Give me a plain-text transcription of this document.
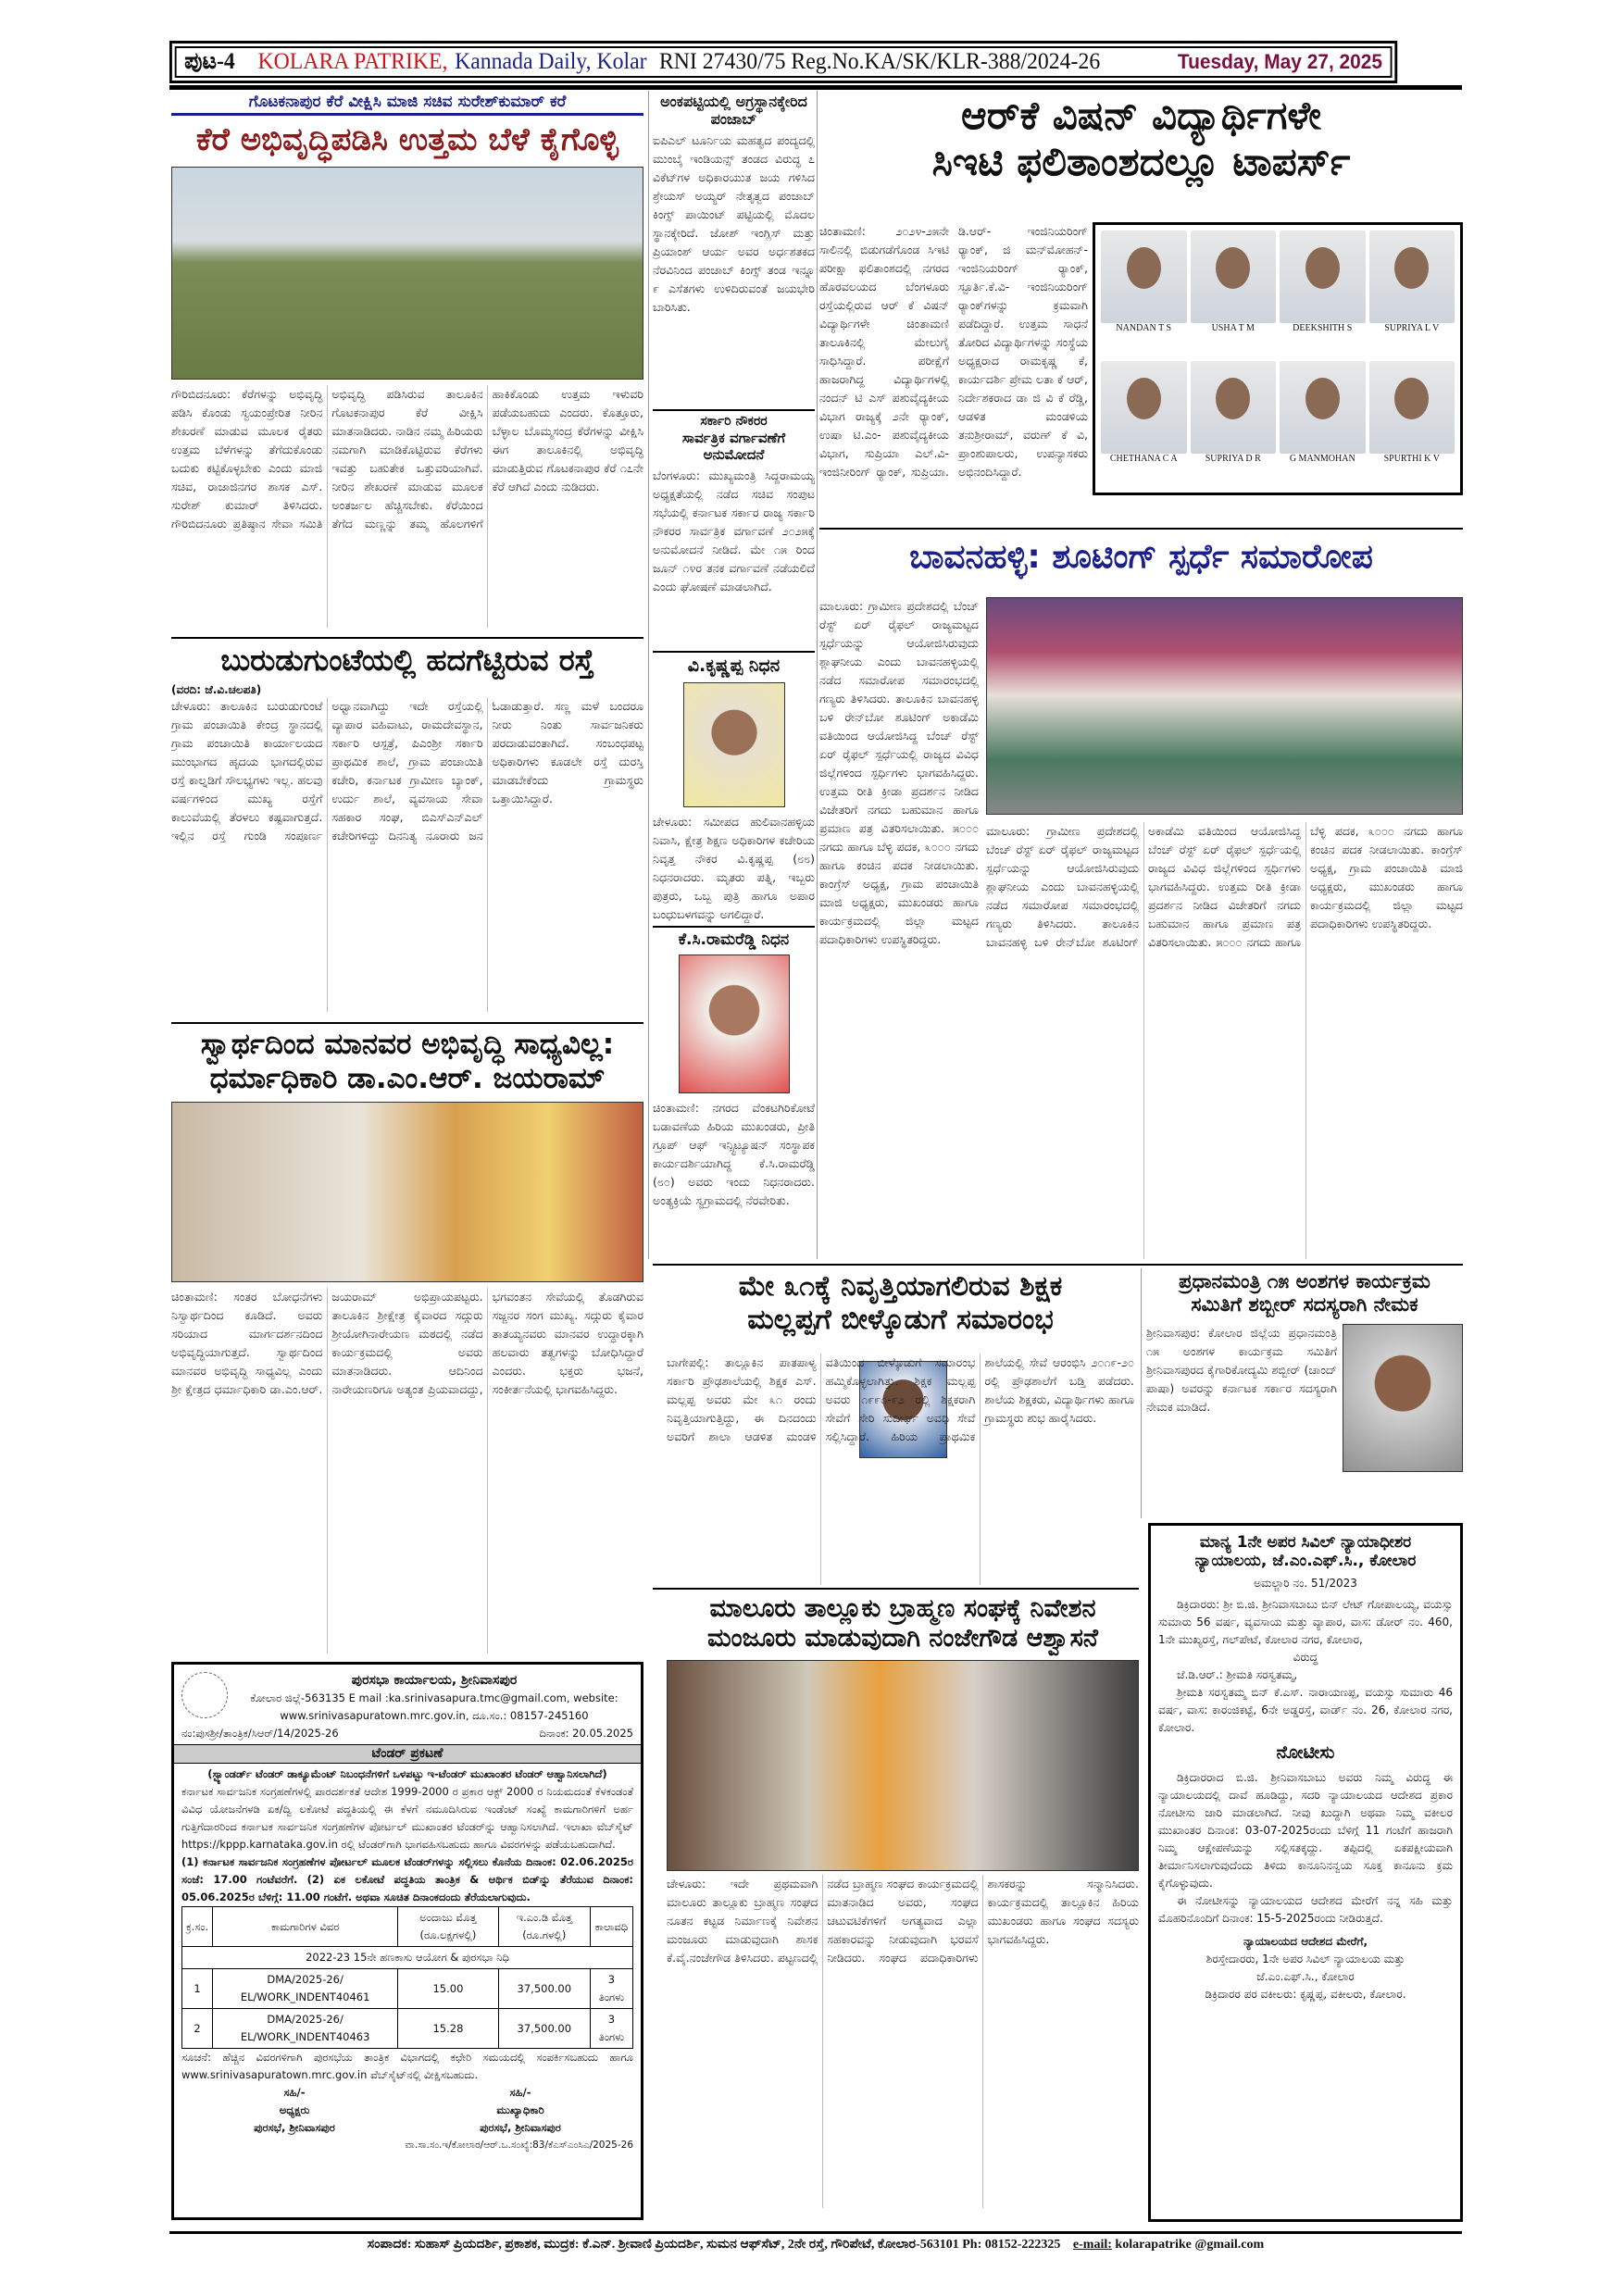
ಪುಟ-4 KOLARA PATRIKE, Kannada Daily, Kolar RNI 27430/75 Reg.No.KA/SK/KLR-388/2024-26	Tuesday, May 27, 2025
ಗೊಟಕನಾಪುರ ಕೆರೆ ವೀಕ್ಷಿಸಿ ಮಾಜಿ ಸಚಿವ ಸುರೇಶ್‌ಕುಮಾರ್ ಕರೆ
ಕೆರೆ ಅಭಿವೃದ್ಧಿಪಡಿಸಿ ಉತ್ತಮ ಬೆಳೆ ಕೈಗೊಳ್ಳಿ
ಗೌರಿಬಿದನೂರು: ಕೆರೆಗಳನ್ನು ಅಭಿವೃದ್ಧಿ ಪಡಿಸಿ ಕೊಂಡು ಸ್ವಯಂಪ್ರೇರಿತ ನೀರಿನ ಶೇಖರಣೆ ಮಾಡುವ ಮೂಲಕ ರೈತರು ಉತ್ತಮ ಬೆಳೆಗಳನ್ನು ತೆಗೆದುಕೊಂಡು ಬದುಕು ಕಟ್ಟಿಕೊಳ್ಳಬೇಕು ಎಂದು ಮಾಜಿ ಸಚಿವ, ರಾಜಾಜಿನಗರ ಶಾಸಕ ಎಸ್. ಸುರೇಶ್ ಕುಮಾರ್ ತಿಳಿಸಿದರು. ಗೌರಿಬಿದನೂರು ಪ್ರತಿಷ್ಠಾನ ಸೇವಾ ಸಮಿತಿ ಅಭಿವೃದ್ಧಿ ಪಡಿಸಿರುವ ತಾಲೂಕಿನ ಗೊಟಕನಾಪುರ ಕೆರೆ ವೀಕ್ಷಿಸಿ ಮಾತನಾಡಿದರು. ನಾಡಿನ ನಮ್ಮ ಹಿರಿಯರು ನಮಗಾಗಿ ಮಾಡಿಕೊಟ್ಟಿರುವ ಕೆರೆಗಳು ಇವತ್ತು ಬಹುತೇಕ ಒತ್ತುವರಿಯಾಗಿವೆ. ನೀರಿನ ಶೇಖರಣೆ ಮಾಡುವ ಮೂಲಕ ಅಂತರ್ಜಲ ಹೆಚ್ಚಿಸಬೇಕು. ಕೆರೆಯಿಂದ ತೆಗೆದ ಮಣ್ಣನ್ನು ತಮ್ಮ ಹೊಲಗಳಿಗೆ ಹಾಕಿಕೊಂಡು ಉತ್ತಮ ಇಳುವರಿ ಪಡೆಯಬಹುದು ಎಂದರು. ಕೊತ್ತೂರು, ಬೆಳ್ಳಾಲ ಬೊಮ್ಮಸಂದ್ರ ಕೆರೆಗಳನ್ನು ವೀಕ್ಷಿಸಿ ಈಗ ತಾಲೂಕಿನಲ್ಲಿ ಅಭಿವೃದ್ಧಿ ಮಾಡುತ್ತಿರುವ ಗೊಟಕನಾಪುರ ಕೆರೆ ೧೭ನೇ ಕೆರೆ ಆಗಿದೆ ಎಂದು ನುಡಿದರು.
ಬುರುಡುಗುಂಟೆಯಲ್ಲಿ ಹದಗೆಟ್ಟಿರುವ ರಸ್ತೆ
(ವರದಿ: ಜೆ.ವಿ.ಚಲಪತಿ)
ಚೇಳೂರು: ತಾಲೂಕಿನ ಬುರುಡುಗುಂಟೆ ಗ್ರಾಮ ಪಂಚಾಯಿತಿ ಕೇಂದ್ರ ಸ್ಥಾನದಲ್ಲಿ ಗ್ರಾಮ ಪಂಚಾಯಿತಿ ಕಾರ್ಯಾಲಯದ ಮುಂಭಾಗದ ಹೃದಯ ಭಾಗದಲ್ಲಿರುವ ರಸ್ತೆ ಕಾಲ್ನಡಿಗೆ ಸೌಲಭ್ಯಗಳು ಇಲ್ಲ. ಹಲವು ವರ್ಷಗಳಿಂದ ಮುಖ್ಯ ರಸ್ತೆಗೆ ಕಾಲುವೆಯಲ್ಲಿ ತೆರಳಲು ಕಷ್ಟವಾಗುತ್ತದೆ. ಇಲ್ಲಿನ ರಸ್ತೆ ಗುಂಡಿ ಸಂಪೂರ್ಣ ಅಧ್ವಾನವಾಗಿದ್ದು ಇದೇ ರಸ್ತೆಯಲ್ಲಿ ವ್ಯಾಪಾರ ವಹಿವಾಟು, ರಾಮದೇವಸ್ಥಾನ, ಸರ್ಕಾರಿ ಆಸ್ಪತ್ರೆ, ಪಿಎಂಶ್ರೀ ಸರ್ಕಾರಿ ಪ್ರಾಥಮಿಕ ಶಾಲೆ, ಗ್ರಾಮ ಪಂಚಾಯಿತಿ ಕಚೇರಿ, ಕರ್ನಾಟಕ ಗ್ರಾಮೀಣ ಬ್ಯಾಂಕ್, ಉರ್ದು ಶಾಲೆ, ವ್ಯವಸಾಯ ಸೇವಾ ಸಹಕಾರ ಸಂಘ, ಬಿಎಸ್ಎನ್ಎಲ್ ಕಚೇರಿಗಳಿದ್ದು ದಿನನಿತ್ಯ ನೂರಾರು ಜನ ಓಡಾಡುತ್ತಾರೆ. ಸಣ್ಣ ಮಳೆ ಬಂದರೂ ನೀರು ನಿಂತು ಸಾರ್ವಜನಿಕರು ಪರದಾಡುವಂತಾಗಿದೆ. ಸಂಬಂಧಪಟ್ಟ ಅಧಿಕಾರಿಗಳು ಕೂಡಲೇ ರಸ್ತೆ ದುರಸ್ತಿ ಮಾಡಬೇಕೆಂದು ಗ್ರಾಮಸ್ಥರು ಒತ್ತಾಯಿಸಿದ್ದಾರೆ.
ಸ್ವಾರ್ಥದಿಂದ ಮಾನವರ ಅಭಿವೃದ್ಧಿ ಸಾಧ್ಯವಿಲ್ಲ:
ಧರ್ಮಾಧಿಕಾರಿ ಡಾ.ಎಂ.ಆರ್. ಜಯರಾಮ್
ಚಿಂತಾಮಣಿ: ಸಂತರ ಬೋಧನೆಗಳು ನಿಸ್ವಾರ್ಥದಿಂದ ಕೂಡಿದೆ. ಅವರು ಸರಿಯಾದ ಮಾರ್ಗದರ್ಶನದಿಂದ ಅಭಿವೃದ್ಧಿಯಾಗುತ್ತದೆ. ಸ್ವಾರ್ಥದಿಂದ ಮಾನವರ ಅಭಿವೃದ್ಧಿ ಸಾಧ್ಯವಿಲ್ಲ ಎಂದು ಶ್ರೀ ಕ್ಷೇತ್ರದ ಧರ್ಮಾಧಿಕಾರಿ ಡಾ.ಎಂ.ಆರ್. ಜಯರಾಮ್ ಅಭಿಪ್ರಾಯಪಟ್ಟರು. ತಾಲೂಕಿನ ಶ್ರೀಕ್ಷೇತ್ರ ಕೈವಾರದ ಸದ್ಗುರು ಶ್ರೀಯೋಗಿನಾರೇಯಣ ಮಠದಲ್ಲಿ ನಡೆದ ಕಾರ್ಯಕ್ರಮದಲ್ಲಿ ಅವರು ಮಾತನಾಡಿದರು. ಆದಿನಿಂದ ನಾರೇಯಣರಿಗೂ ಅತ್ಯಂತ ಪ್ರಿಯವಾದದ್ದು, ಭಗವಂತನ ಸೇವೆಯಲ್ಲಿ ತೊಡಗಿರುವ ಸಜ್ಜನರ ಸಂಗ ಮುಖ್ಯ. ಸದ್ಗುರು ಕೈವಾರ ತಾತಯ್ಯನವರು ಮಾನವರ ಉದ್ಧಾರಕ್ಕಾಗಿ ಹಲವಾರು ತತ್ವಗಳನ್ನು ಬೋಧಿಸಿದ್ದಾರೆ ಎಂದರು. ಭಕ್ತರು ಭಜನೆ, ಸಂಕೀರ್ತನೆಯಲ್ಲಿ ಭಾಗವಹಿಸಿದ್ದರು.
ಪುರಸಭಾ ಕಾರ್ಯಾಲಯ, ಶ್ರೀನಿವಾಸಪುರ
ಕೋಲಾರ ಜಿಲ್ಲೆ-563135 E mail :ka.srinivasapura.tmc@gmail.com, website:
www.srinivasapuratown.mrc.gov.in, ದೂ.ಸಂ.: 08157-245160
ನಂ:ಪುಸಶ್ರೀ/ತಾಂತ್ರಿಕ/ಸಿಆರ್/14/2025-26	ದಿನಾಂಕ: 20.05.2025
ಟೆಂಡರ್ ಪ್ರಕಟಣೆ
(ಸ್ಟ್ಯಾಂಡರ್ಡ್ ಟೆಂಡರ್ ಡಾಕ್ಯೂಮೆಂಟ್ ನಿಬಂಧನೆಗಳಿಗೆ ಒಳಪಟ್ಟು ಇ-ಟೆಂಡರ್ ಮುಖಾಂತರ ಟೆಂಡರ್ ಆಹ್ವಾನಿಸಲಾಗಿದೆ)
ಕರ್ನಾಟಕ ಸಾರ್ವಜನಿಕ ಸಂಗ್ರಹಣೆಗಳಲ್ಲಿ ಪಾರದರ್ಶಕತೆ ಆದೇಶ 1999-2000 ರ ಪ್ರಕಾರ ಆಕ್ಟ್ 2000 ರ ನಿಯಮದಂತೆ ಕೆಳಕಂಡಂತೆ ವಿವಿಧ ಯೋಜನೆಗಳಡಿ ಏಕ/ದ್ವಿ ಲಕೋಟೆ ಪದ್ಧತಿಯಲ್ಲಿ ಈ ಕೆಳಗೆ ನಮೂದಿಸಿರುವ ಇಂಡೆಂಟ್ ಸಂಖ್ಯೆ ಕಾಮಗಾರಿಗಳಿಗೆ ಅರ್ಹ ಗುತ್ತಿಗೆದಾರರಿಂದ ಕರ್ನಾಟಕ ಸಾರ್ವಜನಿಕ ಸಂಗ್ರಹಣೆಗಳ ಪೋರ್ಟಲ್ ಮುಖಾಂತರ ಟೆಂಡರ್‌ನ್ನು ಆಹ್ವಾನಿಸಲಾಗಿದೆ. ಇಲಾಖಾ ವೆಬ್‌ಸೈಟ್ https://kppp.karnataka.gov.in ರಲ್ಲಿ ಟೆಂಡರ್‌ಗಾಗಿ ಭಾಗವಹಿಸಬಹುದು ಹಾಗೂ ವಿವರಗಳನ್ನು ಪಡೆಯಬಹುದಾಗಿದೆ.
(1) ಕರ್ನಾಟಕ ಸಾರ್ವಜನಿಕ ಸಂಗ್ರಹಣೆಗಳ ಪೋರ್ಟಲ್ ಮೂಲಕ ಟೆಂಡರ್‌ಗಳನ್ನು ಸಲ್ಲಿಸಲು ಕೊನೆಯ ದಿನಾಂಕ: 02.06.2025ರ ಸಂಜೆ: 17.00 ಗಂಟೆವರೆಗೆ. (2) ಏಕ ಲಕೋಟೆ ಪದ್ಧತಿಯ ತಾಂತ್ರಿಕ & ಆರ್ಥಿಕ ಬಿಡ್‌ನ್ನು ತೆರೆಯುವ ದಿನಾಂಕ: 05.06.2025ರ ಬೆಳಿಗ್ಗೆ: 11.00 ಗಂಟೆಗೆ. ಅಥವಾ ಸೂಚಿತ ದಿನಾಂಕದಂದು ತೆರೆಯಲಾಗುವುದು.
ಕ್ರ.ಸಂ.	ಕಾಮಗಾರಿಗಳ ವಿವರ	ಅಂದಾಜು ಮೊತ್ತ (ರೂ.ಲಕ್ಷಗಳಲ್ಲಿ)	ಇ.ಎಂ.ಡಿ ಮೊತ್ತ (ರೂ.ಗಳಲ್ಲಿ)	ಕಾಲಾವಧಿ
2022-23 15ನೇ ಹಣಕಾಸು ಆಯೋಗ & ಪುರಸಭಾ ನಿಧಿ				
1	DMA/2025-26/ EL/WORK_INDENT40461	15.00	37,500.00	3 ತಿಂಗಳು
2	DMA/2025-26/ EL/WORK_INDENT40463	15.28	37,500.00	3 ತಿಂಗಳು
ಸೂಚನೆ: ಹೆಚ್ಚಿನ ವಿವರಗಳಿಗಾಗಿ ಪುರಸಭೆಯ ತಾಂತ್ರಿಕ ವಿಭಾಗದಲ್ಲಿ ಕಛೇರಿ ಸಮಯದಲ್ಲಿ ಸಂಪರ್ಕಿಸಬಹುದು ಹಾಗೂ www.srinivasapuratown.mrc.gov.in ವೆಬ್‌ಸೈಟ್‌ನಲ್ಲಿ ವೀಕ್ಷಿಸಬಹುದು.
ಸಹಿ/-
ಅಧ್ಯಕ್ಷರು
ಪುರಸಭೆ, ಶ್ರೀನಿವಾಸಪುರ
ಸಹಿ/-
ಮುಖ್ಯಾಧಿಕಾರಿ
ಪುರಸಭೆ, ಶ್ರೀನಿವಾಸಪುರ
ವಾ.ಸಾ.ಸಂ.ಇ/ಕೋಲಾರ/ಆರ್.ಒ.ಸಂಖ್ಯೆ:83/ಕೆಎಸ್ಎಂಸಿಎ/2025-26
ಅಂಕಪಟ್ಟಿಯಲ್ಲಿ ಅಗ್ರಸ್ಥಾನಕ್ಕೇರಿದ ಪಂಜಾಬ್
ಐಪಿಎಲ್ ಟೂರ್ನಿಯ ಮಹತ್ವದ ಪಂದ್ಯದಲ್ಲಿ ಮುಂಬೈ ಇಂಡಿಯನ್ಸ್ ತಂಡದ ವಿರುದ್ಧ ೭ ವಿಕೆಟ್‌ಗಳ ಅಧಿಕಾರಯುತ ಜಯ ಗಳಿಸಿದ ಶ್ರೇಯಸ್ ಅಯ್ಯರ್ ನೇತೃತ್ವದ ಪಂಜಾಬ್ ಕಿಂಗ್ಸ್ ಪಾಯಿಂಟ್ ಪಟ್ಟಿಯಲ್ಲಿ ಮೊದಲ ಸ್ಥಾನಕ್ಕೇರಿದೆ. ಜೋಶ್ ಇಂಗ್ಲಿಸ್ ಮತ್ತು ಪ್ರಿಯಾಂಶ್ ಆರ್ಯ ಅವರ ಅರ್ಧಶತಕದ ನೆರವಿನಿಂದ ಪಂಜಾಬ್ ಕಿಂಗ್ಸ್ ತಂಡ ಇನ್ನೂ ೯ ಎಸೆತಗಳು ಉಳಿದಿರುವಂತೆ ಜಯಭೇರಿ ಬಾರಿಸಿತು.
ಸರ್ಕಾರಿ ನೌಕರರ
ಸಾರ್ವತ್ರಿಕ ವರ್ಗಾವಣೆಗೆ ಅನುಮೋದನೆ
ಬೆಂಗಳೂರು: ಮುಖ್ಯಮಂತ್ರಿ ಸಿದ್ದರಾಮಯ್ಯ ಅಧ್ಯಕ್ಷತೆಯಲ್ಲಿ ನಡೆದ ಸಚಿವ ಸಂಪುಟ ಸಭೆಯಲ್ಲಿ ಕರ್ನಾಟಕ ಸರ್ಕಾರ ರಾಜ್ಯ ಸರ್ಕಾರಿ ನೌಕರರ ಸಾರ್ವತ್ರಿಕ ವರ್ಗಾವಣೆ ೨೦೨೫ಕ್ಕೆ ಅನುಮೋದನೆ ನೀಡಿದೆ. ಮೇ ೧೫ ರಿಂದ ಜೂನ್ ೧೪ರ ತನಕ ವರ್ಗಾವಣೆ ನಡೆಯಲಿದೆ ಎಂದು ಘೋಷಣೆ ಮಾಡಲಾಗಿದೆ.
ವಿ.ಕೃಷ್ಣಪ್ಪ ನಿಧನ
ಚೇಳೂರು: ಸಮೀಪದ ಹುಲಿವಾನಹಳ್ಳಿಯ ನಿವಾಸಿ, ಕ್ಷೇತ್ರ ಶಿಕ್ಷಣ ಅಧಿಕಾರಿಗಳ ಕಚೇರಿಯ ನಿವೃತ್ತ ನೌಕರ ವಿ.ಕೃಷ್ಣಪ್ಪ (೮೮) ನಿಧನರಾದರು. ಮೃತರು ಪತ್ನಿ, ಇಬ್ಬರು ಪುತ್ರರು, ಒಬ್ಬ ಪುತ್ರಿ ಹಾಗೂ ಅಪಾರ ಬಂಧುಬಳಗವನ್ನು ಅಗಲಿದ್ದಾರೆ.
ಕೆ.ಸಿ.ರಾಮರೆಡ್ಡಿ ನಿಧನ
ಚಿಂತಾಮಣಿ: ನಗರದ ವೆಂಕಟಗಿರಿಕೋಟೆ ಬಡಾವಣೆಯ ಹಿರಿಯ ಮುಖಂಡರು, ಪ್ರೀತಿ ಗ್ರೂಪ್ ಆಫ್ ಇನ್ಸ್ಟಿಟ್ಯೂಷನ್ ಸಂಸ್ಥಾಪಕ ಕಾರ್ಯದರ್ಶಿಯಾಗಿದ್ದ ಕೆ.ಸಿ.ರಾಮರೆಡ್ಡಿ (೮೦) ಅವರು ಇಂದು ನಿಧನರಾದರು. ಅಂತ್ಯಕ್ರಿಯೆ ಸ್ವಗ್ರಾಮದಲ್ಲಿ ನೆರವೇರಿತು.
ಆರ್‌ಕೆ ವಿಷನ್ ವಿದ್ಯಾರ್ಥಿಗಳೇ
ಸಿಇಟಿ ಫಲಿತಾಂಶದಲ್ಲೂ ಟಾಪರ್ಸ್
ಚಿಂತಾಮಣಿ: ೨೦೨೪-೨೫ನೇ ಸಾಲಿನಲ್ಲಿ ಬಿಡುಗಡೆಗೊಂಡ ಸಿಇಟಿ ಪರೀಕ್ಷಾ ಫಲಿತಾಂಶದಲ್ಲಿ ನಗರದ ಹೊರವಲಯದ ಬೆಂಗಳೂರು ರಸ್ತೆಯಲ್ಲಿರುವ ಆರ್ ಕೆ ವಿಷನ್ ವಿದ್ಯಾರ್ಥಿಗಳೇ ಚಿಂತಾಮಣಿ ತಾಲೂಕಿನಲ್ಲಿ ಮೇಲುಗೈ ಸಾಧಿಸಿದ್ದಾರೆ. ಪರೀಕ್ಷೆಗೆ ಹಾಜರಾಗಿದ್ದ ವಿದ್ಯಾರ್ಥಿಗಳಲ್ಲಿ ನಂದನ್ ಟಿ ಎಸ್ ಪಶುವೈದ್ಯಕೀಯ ವಿಭಾಗ ರಾಜ್ಯಕ್ಕೆ ೨ನೇ ರ್‍ಯಾಂಕ್, ಉಷಾ ಟಿ.ಎಂ- ಪಶುವೈದ್ಯಕೀಯ ವಿಭಾಗ, ಸುಪ್ರಿಯಾ ಎಲ್.ವಿ- ಇಂಜಿನೀರಿಂಗ್ ರ್‍ಯಾಂಕ್, ಸುಪ್ರಿಯಾ. ಡಿ.ಆರ್- ಇಂಜಿನಿಯರಿಂಗ್ ರ್‍ಯಾಂಕ್, ಜಿ ಮನ್‌ಮೋಹನ್- ಇಂಜಿನಿಯರಿಂಗ್ ರ್‍ಯಾಂಕ್, ಸ್ಪೂರ್ತಿ.ಕೆ.ವಿ- ಇಂಜಿನಿಯರಿಂಗ್ ರ್‍ಯಾಂಕ್‌ಗಳನ್ನು ಕ್ರಮವಾಗಿ ಪಡೆದಿದ್ದಾರೆ. ಉತ್ತಮ ಸಾಧನೆ ತೋರಿದ ವಿದ್ಯಾರ್ಥಿಗಳನ್ನು ಸಂಸ್ಥೆಯ ಅಧ್ಯಕ್ಷರಾದ ರಾಮಕೃಷ್ಣ ಕೆ, ಕಾರ್ಯದರ್ಶಿ ಪ್ರೇಮ ಲತಾ ಕೆ ಆರ್, ನಿರ್ದೇಶಕರಾದ ಡಾ ಜಿ ವಿ ಕೆ ರೆಡ್ಡಿ, ಆಡಳಿತ ಮಂಡಳಿಯ ತನುಶ್ರೀರಾಮ್, ವರುಣ್ ಕೆ ವಿ, ಪ್ರಾಂಶುಪಾಲರು, ಉಪನ್ಯಾಸಕರು ಅಭಿನಂದಿಸಿದ್ದಾರೆ.
NANDAN T S	USHA T M	DEEKSHITH S	SUPRIYA L V
CHETHANA C A	SUPRIYA D R	G MANMOHAN	SPURTHI K V
ಬಾವನಹಳ್ಳಿ: ಶೂಟಿಂಗ್ ಸ್ಪರ್ಧೆ ಸಮಾರೋಪ
ಮಾಲೂರು: ಗ್ರಾಮೀಣ ಪ್ರದೇಶದಲ್ಲಿ ಬೆಂಚ್ ರೆಸ್ಟ್ ಏರ್ ರೈಫಲ್ ರಾಜ್ಯಮಟ್ಟದ ಸ್ಪರ್ಧೆಯನ್ನು ಆಯೋಜಿಸಿರುವುದು ಶ್ಲಾಘನೀಯ ಎಂದು ಬಾವನಹಳ್ಳಿಯಲ್ಲಿ ನಡೆದ ಸಮಾರೋಪ ಸಮಾರಂಭದಲ್ಲಿ ಗಣ್ಯರು ತಿಳಿಸಿದರು. ತಾಲೂಕಿನ ಬಾವನಹಳ್ಳಿ ಬಳಿ ರೇನ್‌ಬೋ ಶೂಟಿಂಗ್ ಅಕಾಡೆಮಿ ವತಿಯಿಂದ ಆಯೋಜಿಸಿದ್ದ ಬೆಂಚ್ ರೆಸ್ಟ್ ಏರ್ ರೈಫಲ್ ಸ್ಪರ್ಧೆಯಲ್ಲಿ ರಾಜ್ಯದ ವಿವಿಧ ಜಿಲ್ಲೆಗಳಿಂದ ಸ್ಪರ್ಧಿಗಳು ಭಾಗವಹಿಸಿದ್ದರು. ಉತ್ತಮ ರೀತಿ ಕ್ರೀಡಾ ಪ್ರದರ್ಶನ ನೀಡಿದ ವಿಜೇತರಿಗೆ ನಗದು ಬಹುಮಾನ ಹಾಗೂ ಪ್ರಮಾಣ ಪತ್ರ ವಿತರಿಸಲಾಯಿತು. ೫೦೦೦ ನಗದು ಹಾಗೂ ಬೆಳ್ಳಿ ಪದಕ, ೩೦೦೦ ನಗದು ಹಾಗೂ ಕಂಚಿನ ಪದಕ ನೀಡಲಾಯಿತು. ಕಾಂಗ್ರೆಸ್ ಅಧ್ಯಕ್ಷ, ಗ್ರಾಮ ಪಂಚಾಯಿತಿ ಮಾಜಿ ಅಧ್ಯಕ್ಷರು, ಮುಖಂಡರು ಹಾಗೂ ಕಾರ್ಯಕ್ರಮದಲ್ಲಿ ಜಿಲ್ಲಾ ಮಟ್ಟದ ಪದಾಧಿಕಾರಿಗಳು ಉಪಸ್ಥಿತರಿದ್ದರು.
ಮಾಲೂರು: ಗ್ರಾಮೀಣ ಪ್ರದೇಶದಲ್ಲಿ ಬೆಂಚ್ ರೆಸ್ಟ್ ಏರ್ ರೈಫಲ್ ರಾಜ್ಯಮಟ್ಟದ ಸ್ಪರ್ಧೆಯನ್ನು ಆಯೋಜಿಸಿರುವುದು ಶ್ಲಾಘನೀಯ ಎಂದು ಬಾವನಹಳ್ಳಿಯಲ್ಲಿ ನಡೆದ ಸಮಾರೋಪ ಸಮಾರಂಭದಲ್ಲಿ ಗಣ್ಯರು ತಿಳಿಸಿದರು. ತಾಲೂಕಿನ ಬಾವನಹಳ್ಳಿ ಬಳಿ ರೇನ್‌ಬೋ ಶೂಟಿಂಗ್ ಅಕಾಡೆಮಿ ವತಿಯಿಂದ ಆಯೋಜಿಸಿದ್ದ ಬೆಂಚ್ ರೆಸ್ಟ್ ಏರ್ ರೈಫಲ್ ಸ್ಪರ್ಧೆಯಲ್ಲಿ ರಾಜ್ಯದ ವಿವಿಧ ಜಿಲ್ಲೆಗಳಿಂದ ಸ್ಪರ್ಧಿಗಳು ಭಾಗವಹಿಸಿದ್ದರು. ಉತ್ತಮ ರೀತಿ ಕ್ರೀಡಾ ಪ್ರದರ್ಶನ ನೀಡಿದ ವಿಜೇತರಿಗೆ ನಗದು ಬಹುಮಾನ ಹಾಗೂ ಪ್ರಮಾಣ ಪತ್ರ ವಿತರಿಸಲಾಯಿತು. ೫೦೦೦ ನಗದು ಹಾಗೂ ಬೆಳ್ಳಿ ಪದಕ, ೩೦೦೦ ನಗದು ಹಾಗೂ ಕಂಚಿನ ಪದಕ ನೀಡಲಾಯಿತು. ಕಾಂಗ್ರೆಸ್ ಅಧ್ಯಕ್ಷ, ಗ್ರಾಮ ಪಂಚಾಯಿತಿ ಮಾಜಿ ಅಧ್ಯಕ್ಷರು, ಮುಖಂಡರು ಹಾಗೂ ಕಾರ್ಯಕ್ರಮದಲ್ಲಿ ಜಿಲ್ಲಾ ಮಟ್ಟದ ಪದಾಧಿಕಾರಿಗಳು ಉಪಸ್ಥಿತರಿದ್ದರು.
ಮೇ ೩೧ಕ್ಕೆ ನಿವೃತ್ತಿಯಾಗಲಿರುವ ಶಿಕ್ಷಕ
ಮಲ್ಲಪ್ಪಗೆ ಬೀಳ್ಕೊಡುಗೆ ಸಮಾರಂಭ
ಬಾಗೇಪಲ್ಲಿ: ತಾಲ್ಲೂಕಿನ ಪಾತಪಾಳ್ಯ ಸರ್ಕಾರಿ ಪ್ರೌಢಶಾಲೆಯಲ್ಲಿ ಶಿಕ್ಷಕ ಎಸ್. ಮಲ್ಲಪ್ಪ ಅವರು ಮೇ ೩೧ ರಂದು ನಿವೃತ್ತಿಯಾಗುತ್ತಿದ್ದು, ಈ ದಿನದಂದು ಅವರಿಗೆ ಶಾಲಾ ಆಡಳಿತ ಮಂಡಳಿ ವತಿಯಿಂದ ಬೀಳ್ಕೊಡುಗೆ ಸಮಾರಂಭ ಹಮ್ಮಿಕೊಳ್ಳಲಾಗಿತ್ತು. ಶಿಕ್ಷಕ ಮಲ್ಲಪ್ಪ ಅವರು ೧೯೯೧-೯೨ ರಲ್ಲಿ ಶಿಕ್ಷಕರಾಗಿ ಸೇವೆಗೆ ಸೇರಿ ಸುದೀರ್ಘ ಅವಧಿ ಸೇವೆ ಸಲ್ಲಿಸಿದ್ದಾರೆ. ಹಿರಿಯ ಪ್ರಾಥಮಿಕ ಶಾಲೆಯಲ್ಲಿ ಸೇವೆ ಆರಂಭಿಸಿ ೨೦೧೯-೨೦ ರಲ್ಲಿ ಪ್ರೌಢಶಾಲೆಗೆ ಬಡ್ತಿ ಪಡೆದರು. ಶಾಲೆಯ ಶಿಕ್ಷಕರು, ವಿದ್ಯಾರ್ಥಿಗಳು ಹಾಗೂ ಗ್ರಾಮಸ್ಥರು ಶುಭ ಹಾರೈಸಿದರು.
ಪ್ರಧಾನಮಂತ್ರಿ ೧೫ ಅಂಶಗಳ ಕಾರ್ಯಕ್ರಮ
ಸಮಿತಿಗೆ ಶಬ್ಬೀರ್ ಸದಸ್ಯರಾಗಿ ನೇಮಕ
ಶ್ರೀನಿವಾಸಪುರ: ಕೋಲಾರ ಜಿಲ್ಲೆಯ ಪ್ರಧಾನಮಂತ್ರಿ ೧೫ ಅಂಶಗಳ ಕಾರ್ಯಕ್ರಮ ಸಮಿತಿಗೆ ಶ್ರೀನಿವಾಸಪುರದ ಕೈಗಾರಿಕೋದ್ಯಮಿ ಶಬ್ಬೀರ್ (ಚಾಂದ್ ಪಾಷಾ) ಅವರನ್ನು ಕರ್ನಾಟಕ ಸರ್ಕಾರ ಸದಸ್ಯರಾಗಿ ನೇಮಕ ಮಾಡಿದೆ.
ಮಾನ್ಯ 1ನೇ ಅಪರ ಸಿವಿಲ್ ನ್ಯಾಯಾಧೀಶರ
ನ್ಯಾಯಾಲಯ, ಜೆ.ಎಂ.ಎಫ್.ಸಿ., ಕೋಲಾರ
ಅಮಲ್ಜಾರಿ ನಂ. 51/2023
ಡಿಕ್ರಿದಾರರು: ಶ್ರೀ ಬಿ.ಜಿ. ಶ್ರೀನಿವಾಸಬಾಬು ಬಿನ್ ಲೇಟ್ ಗೋಪಾಲಯ್ಯ, ವಯಸ್ಸು ಸುಮಾರು 56 ವರ್ಷ, ವ್ಯವಸಾಯ ಮತ್ತು ವ್ಯಾಪಾರ, ವಾಸ: ಡೋರ್ ನಂ. 460, 1ನೇ ಮುಖ್ಯರಸ್ತೆ, ಗಲ್‌ಪೇಟೆ, ಕೋಲಾರ ನಗರ, ಕೋಲಾರ,
ವಿರುದ್ಧ
ಜೆ.ಡಿ.ಆರ್.: ಶ್ರೀಮತಿ ಸರಸ್ವತಮ್ಮ,
ಶ್ರೀಮತಿ ಸರಸ್ವತಮ್ಮ ಬಿನ್ ಕೆ.ಎಸ್. ನಾರಾಯಣಪ್ಪ, ವಯಸ್ಸು ಸುಮಾರು 46 ವರ್ಷ, ವಾಸ: ಕಾರಂಜಿಕಟ್ಟೆ, 6ನೇ ಅಡ್ಡರಸ್ತೆ, ವಾರ್ಡ್ ನಂ. 26, ಕೋಲಾರ ನಗರ, ಕೋಲಾರ.
ನೋಟೀಸು
ಡಿಕ್ರಿದಾರರಾದ ಬಿ.ಜಿ. ಶ್ರೀನಿವಾಸಬಾಬು ಅವರು ನಿಮ್ಮ ವಿರುದ್ಧ ಈ ನ್ಯಾಯಾಲಯದಲ್ಲಿ ದಾವೆ ಹೂಡಿದ್ದು, ಸದರಿ ನ್ಯಾಯಾಲಯದ ಆದೇಶದ ಪ್ರಕಾರ ನೋಟೀಸು ಜಾರಿ ಮಾಡಲಾಗಿದೆ. ನೀವು ಖುದ್ದಾಗಿ ಅಥವಾ ನಿಮ್ಮ ವಕೀಲರ ಮುಖಾಂತರ ದಿನಾಂಕ: 03-07-2025ರಂದು ಬೆಳಿಗ್ಗೆ 11 ಗಂಟೆಗೆ ಹಾಜರಾಗಿ ನಿಮ್ಮ ಆಕ್ಷೇಪಣೆಯನ್ನು ಸಲ್ಲಿಸತಕ್ಕದ್ದು. ತಪ್ಪಿದಲ್ಲಿ ಏಕಪಕ್ಷೀಯವಾಗಿ ತೀರ್ಮಾನಿಸಲಾಗುವುದೆಂದು ತಿಳಿದು ಕಾನೂನಿನನ್ವಯ ಸೂಕ್ತ ಕಾನೂನು ಕ್ರಮ ಕೈಗೊಳ್ಳುವುದು.
ಈ ನೋಟೀಸನ್ನು ನ್ಯಾಯಾಲಯದ ಆದೇಶದ ಮೇರೆಗೆ ನನ್ನ ಸಹಿ ಮತ್ತು ಮೊಹರಿನೊಂದಿಗೆ ದಿನಾಂಕ: 15-5-2025ರಂದು ನೀಡಿರುತ್ತದೆ.
ನ್ಯಾಯಾಲಯದ ಆದೇಶದ ಮೇರೆಗೆ,
ಶಿರಸ್ತೇದಾರರು, 1ನೇ ಅಪರ ಸಿವಿಲ್ ನ್ಯಾಯಾಲಯ ಮತ್ತು
ಜೆ.ಎಂ.ಎಫ್.ಸಿ., ಕೋಲಾರ
ಡಿಕ್ರಿದಾರರ ಪರ ವಕೀಲರು: ಕೃಷ್ಣಪ್ಪ, ವಕೀಲರು, ಕೋಲಾರ.
ಮಾಲೂರು ತಾಲ್ಲೂಕು ಬ್ರಾಹ್ಮಣ ಸಂಘಕ್ಕೆ ನಿವೇಶನ
ಮಂಜೂರು ಮಾಡುವುದಾಗಿ ನಂಜೇಗೌಡ ಆಶ್ವಾಸನೆ
ಚೇಳೂರು: ಇದೇ ಪ್ರಥಮವಾಗಿ ಮಾಲೂರು ತಾಲ್ಲೂಕು ಬ್ರಾಹ್ಮಣ ಸಂಘದ ನೂತನ ಕಟ್ಟಡ ನಿರ್ಮಾಣಕ್ಕೆ ನಿವೇಶನ ಮಂಜೂರು ಮಾಡುವುದಾಗಿ ಶಾಸಕ ಕೆ.ವೈ.ನಂಜೇಗೌಡ ತಿಳಿಸಿದರು. ಪಟ್ಟಣದಲ್ಲಿ ನಡೆದ ಬ್ರಾಹ್ಮಣ ಸಂಘದ ಕಾರ್ಯಕ್ರಮದಲ್ಲಿ ಮಾತನಾಡಿದ ಅವರು, ಸಂಘದ ಚಟುವಟಿಕೆಗಳಿಗೆ ಅಗತ್ಯವಾದ ಎಲ್ಲಾ ಸಹಕಾರವನ್ನು ನೀಡುವುದಾಗಿ ಭರವಸೆ ನೀಡಿದರು. ಸಂಘದ ಪದಾಧಿಕಾರಿಗಳು ಶಾಸಕರನ್ನು ಸನ್ಮಾನಿಸಿದರು. ಕಾರ್ಯಕ್ರಮದಲ್ಲಿ ತಾಲ್ಲೂಕಿನ ಹಿರಿಯ ಮುಖಂಡರು ಹಾಗೂ ಸಂಘದ ಸದಸ್ಯರು ಭಾಗವಹಿಸಿದ್ದರು.
ಸಂಪಾದಕ: ಸುಹಾಸ್ ಪ್ರಿಯದರ್ಶಿ, ಪ್ರಕಾಶಕ, ಮುದ್ರಕ: ಕೆ.ಎನ್. ಶ್ರೀವಾಣಿ ಪ್ರಿಯದರ್ಶಿ, ಸುಮನ ಆಫ್‌ಸೆಟ್, 2ನೇ ರಸ್ತೆ, ಗೌರಿಪೇಟೆ, ಕೋಲಾರ-563101 Ph: 08152-222325 e-mail: kolarapatrike @gmail.com
